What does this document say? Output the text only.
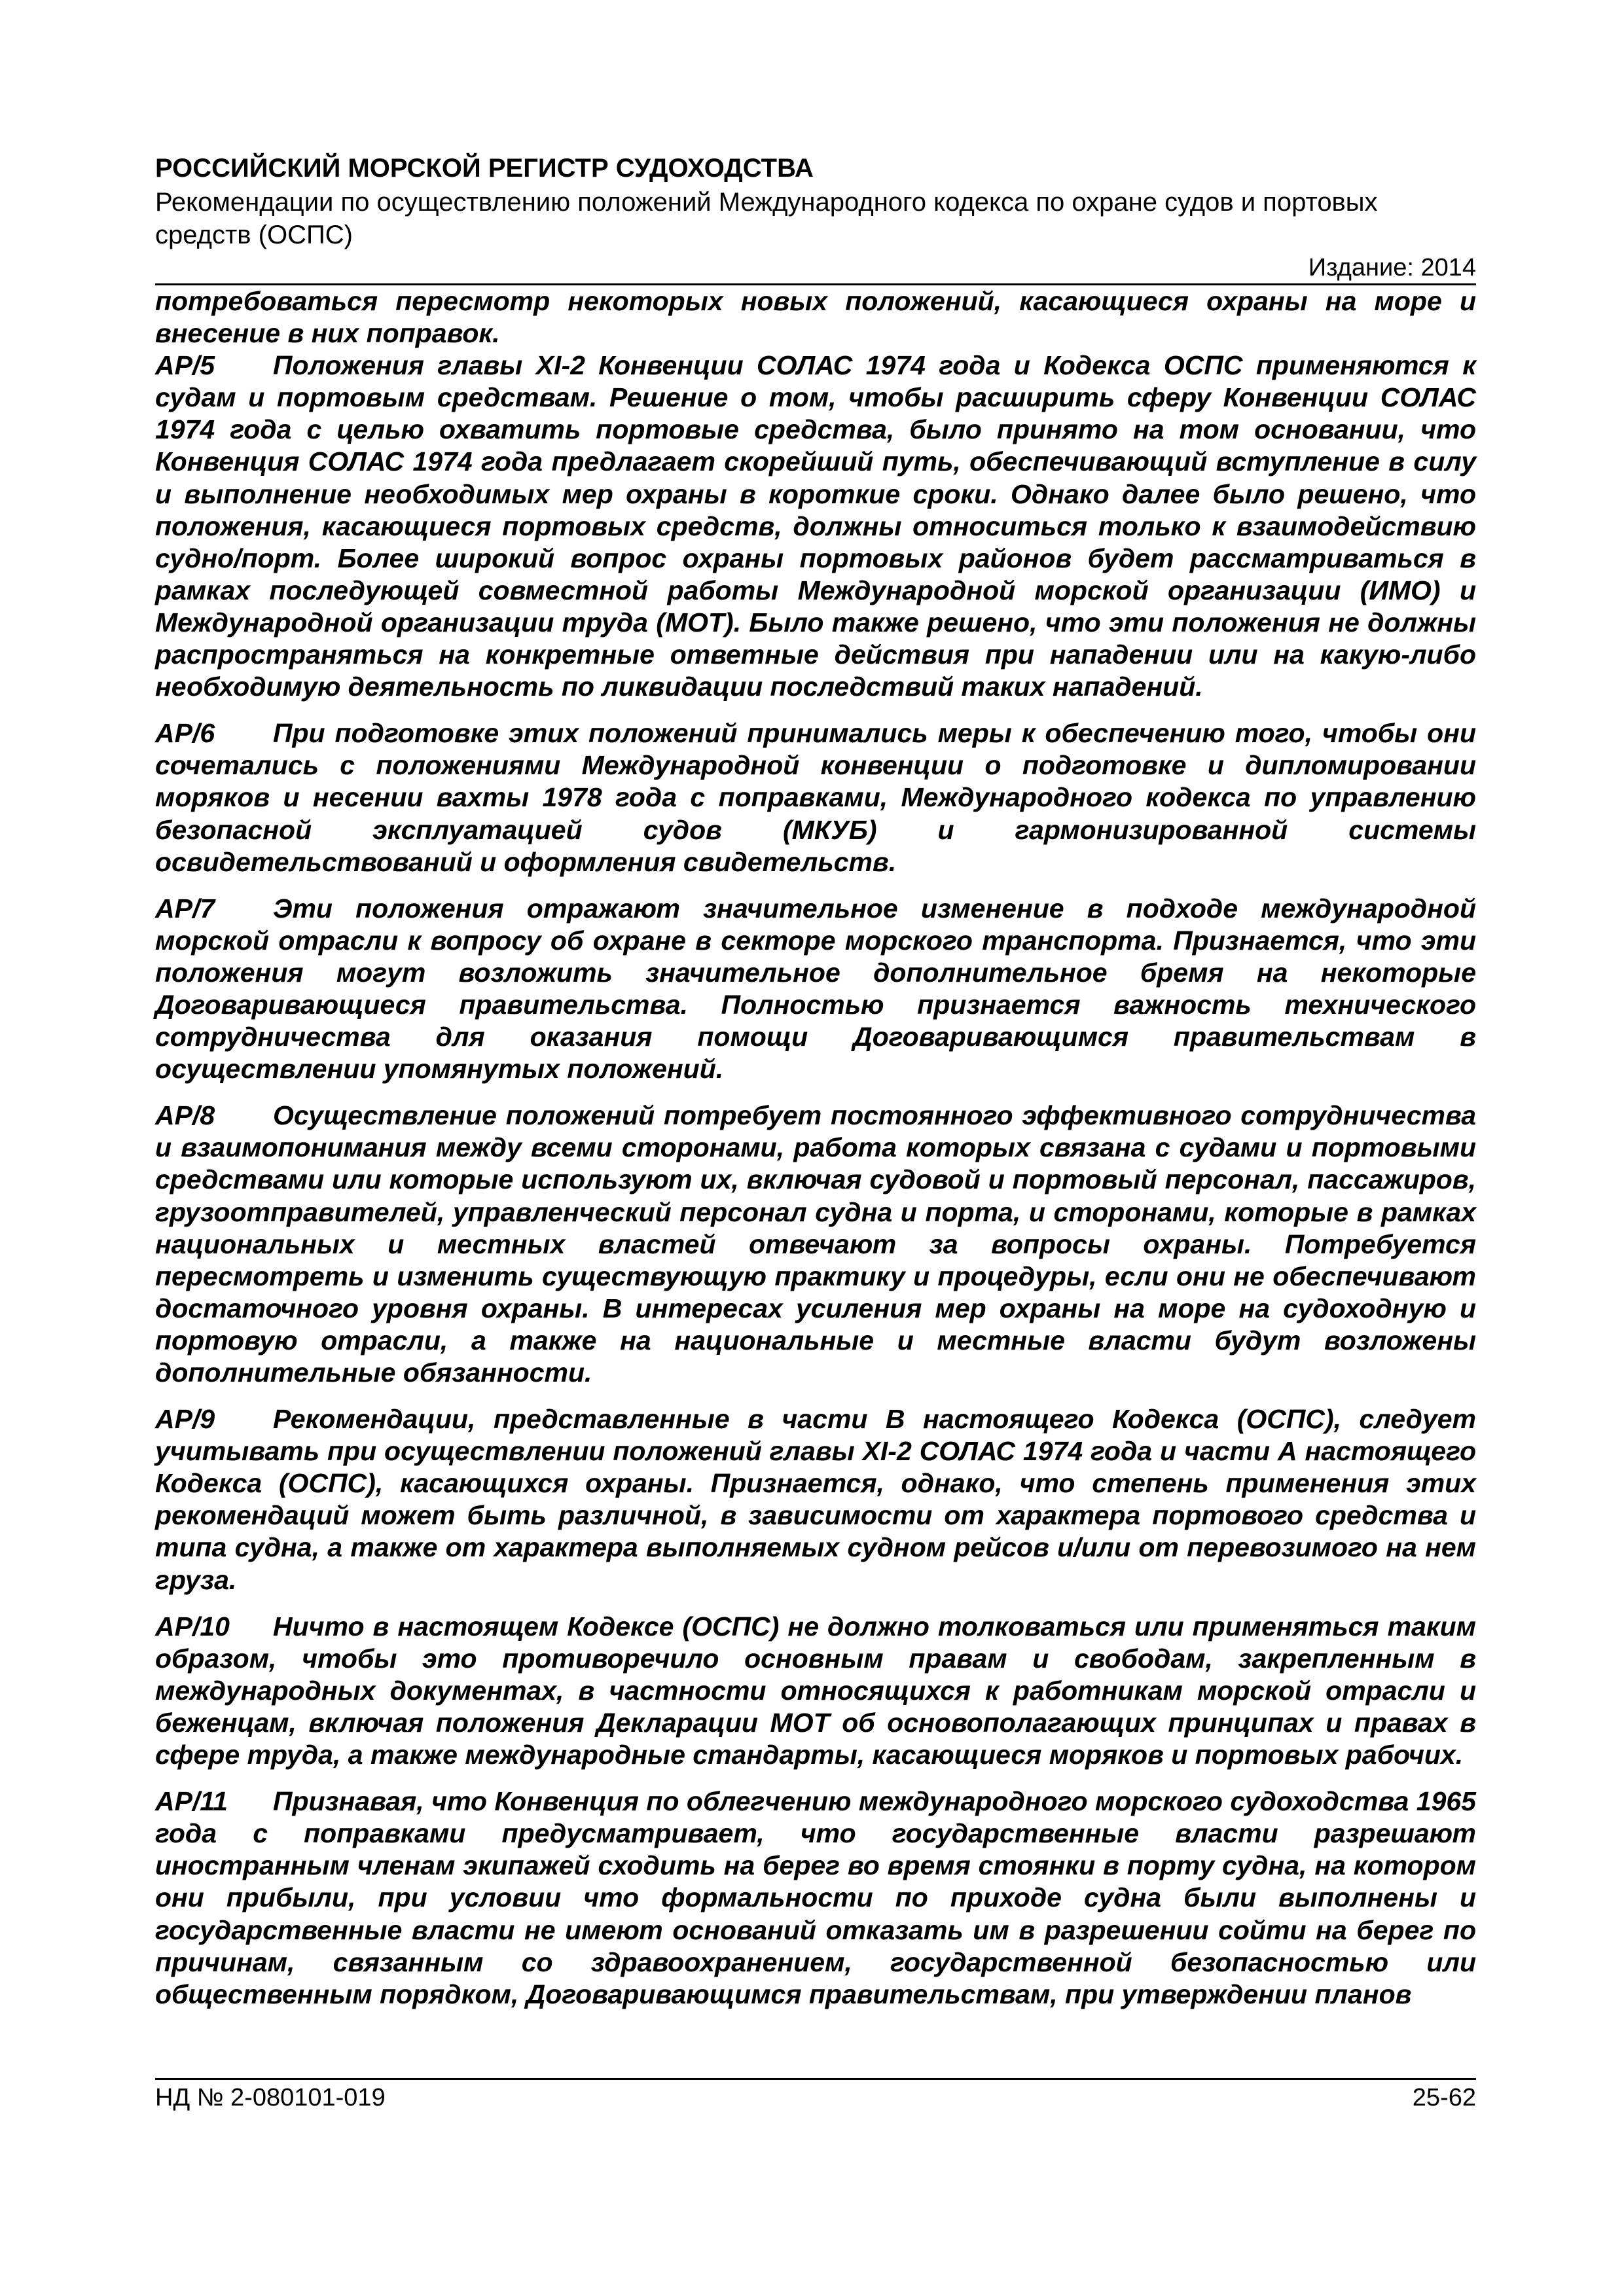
РОССИЙСКИЙ МОРСКОЙ РЕГИСТР СУДОХОДСТВА
Рекомендации по осуществлению положений Международного кодекса по охране судов и портовых средств (ОСПС)
Издание: 2014

потребоваться пересмотр некоторых новых положений, касающиеся охраны на море и внесение в них поправок.

AP/5 Положения главы XI-2 Конвенции СОЛАС 1974 года и Кодекса ОСПС применяются к судам и портовым средствам. Решение о том, чтобы расширить сферу Конвенции СОЛАС 1974 года с целью охватить портовые средства, было принято на том основании, что Конвенция СОЛАС 1974 года предлагает скорейший путь, обеспечивающий вступление в силу и выполнение необходимых мер охраны в короткие сроки. Однако далее было решено, что положения, касающиеся портовых средств, должны относиться только к взаимодействию судно/порт. Более широкий вопрос охраны портовых районов будет рассматриваться в рамках последующей совместной работы Международной морской организации (ИМО) и Международной организации труда (МОТ). Было также решено, что эти положения не должны распространяться на конкретные ответные действия при нападении или на какую-либо необходимую деятельность по ликвидации последствий таких нападений.

AP/6 При подготовке этих положений принимались меры к обеспечению того, чтобы они сочетались с положениями Международной конвенции о подготовке и дипломировании моряков и несении вахты 1978 года с поправками, Международного кодекса по управлению безопасной эксплуатацией судов (МКУБ) и гармонизированной системы освидетельствований и оформления свидетельств.

AP/7 Эти положения отражают значительное изменение в подходе международной морской отрасли к вопросу об охране в секторе морского транспорта. Признается, что эти положения могут возложить значительное дополнительное бремя на некоторые Договаривающиеся правительства. Полностью признается важность технического сотрудничества для оказания помощи Договаривающимся правительствам в осуществлении упомянутых положений.

AP/8 Осуществление положений потребует постоянного эффективного сотрудничества и взаимопонимания между всеми сторонами, работа которых связана с судами и портовыми средствами или которые используют их, включая судовой и портовый персонал, пассажиров, грузоотправителей, управленческий персонал судна и порта, и сторонами, которые в рамках национальных и местных властей отвечают за вопросы охраны. Потребуется пересмотреть и изменить существующую практику и процедуры, если они не обеспечивают достаточного уровня охраны. В интересах усиления мер охраны на море на судоходную и портовую отрасли, а также на национальные и местные власти будут возложены дополнительные обязанности.

AP/9 Рекомендации, представленные в части В настоящего Кодекса (ОСПС), следует учитывать при осуществлении положений главы XI-2 СОЛАС 1974 года и части А настоящего Кодекса (ОСПС), касающихся охраны. Признается, однако, что степень применения этих рекомендаций может быть различной, в зависимости от характера портового средства и типа судна, а также от характера выполняемых судном рейсов и/или от перевозимого на нем груза.

AP/10 Ничто в настоящем Кодексе (ОСПС) не должно толковаться или применяться таким образом, чтобы это противоречило основным правам и свободам, закрепленным в международных документах, в частности относящихся к работникам морской отрасли и беженцам, включая положения Декларации МОТ об основополагающих принципах и правах в сфере труда, а также международные стандарты, касающиеся моряков и портовых рабочих.

AP/11 Признавая, что Конвенция по облегчению международного морского судоходства 1965 года с поправками предусматривает, что государственные власти разрешают иностранным членам экипажей сходить на берег во время стоянки в порту судна, на котором они прибыли, при условии что формальности по приходе судна были выполнены и государственные власти не имеют оснований отказать им в разрешении сойти на берег по причинам, связанным со здравоохранением, государственной безопасностью или общественным порядком, Договаривающимся правительствам, при утверждении планов

НД № 2-080101-019	25-62
